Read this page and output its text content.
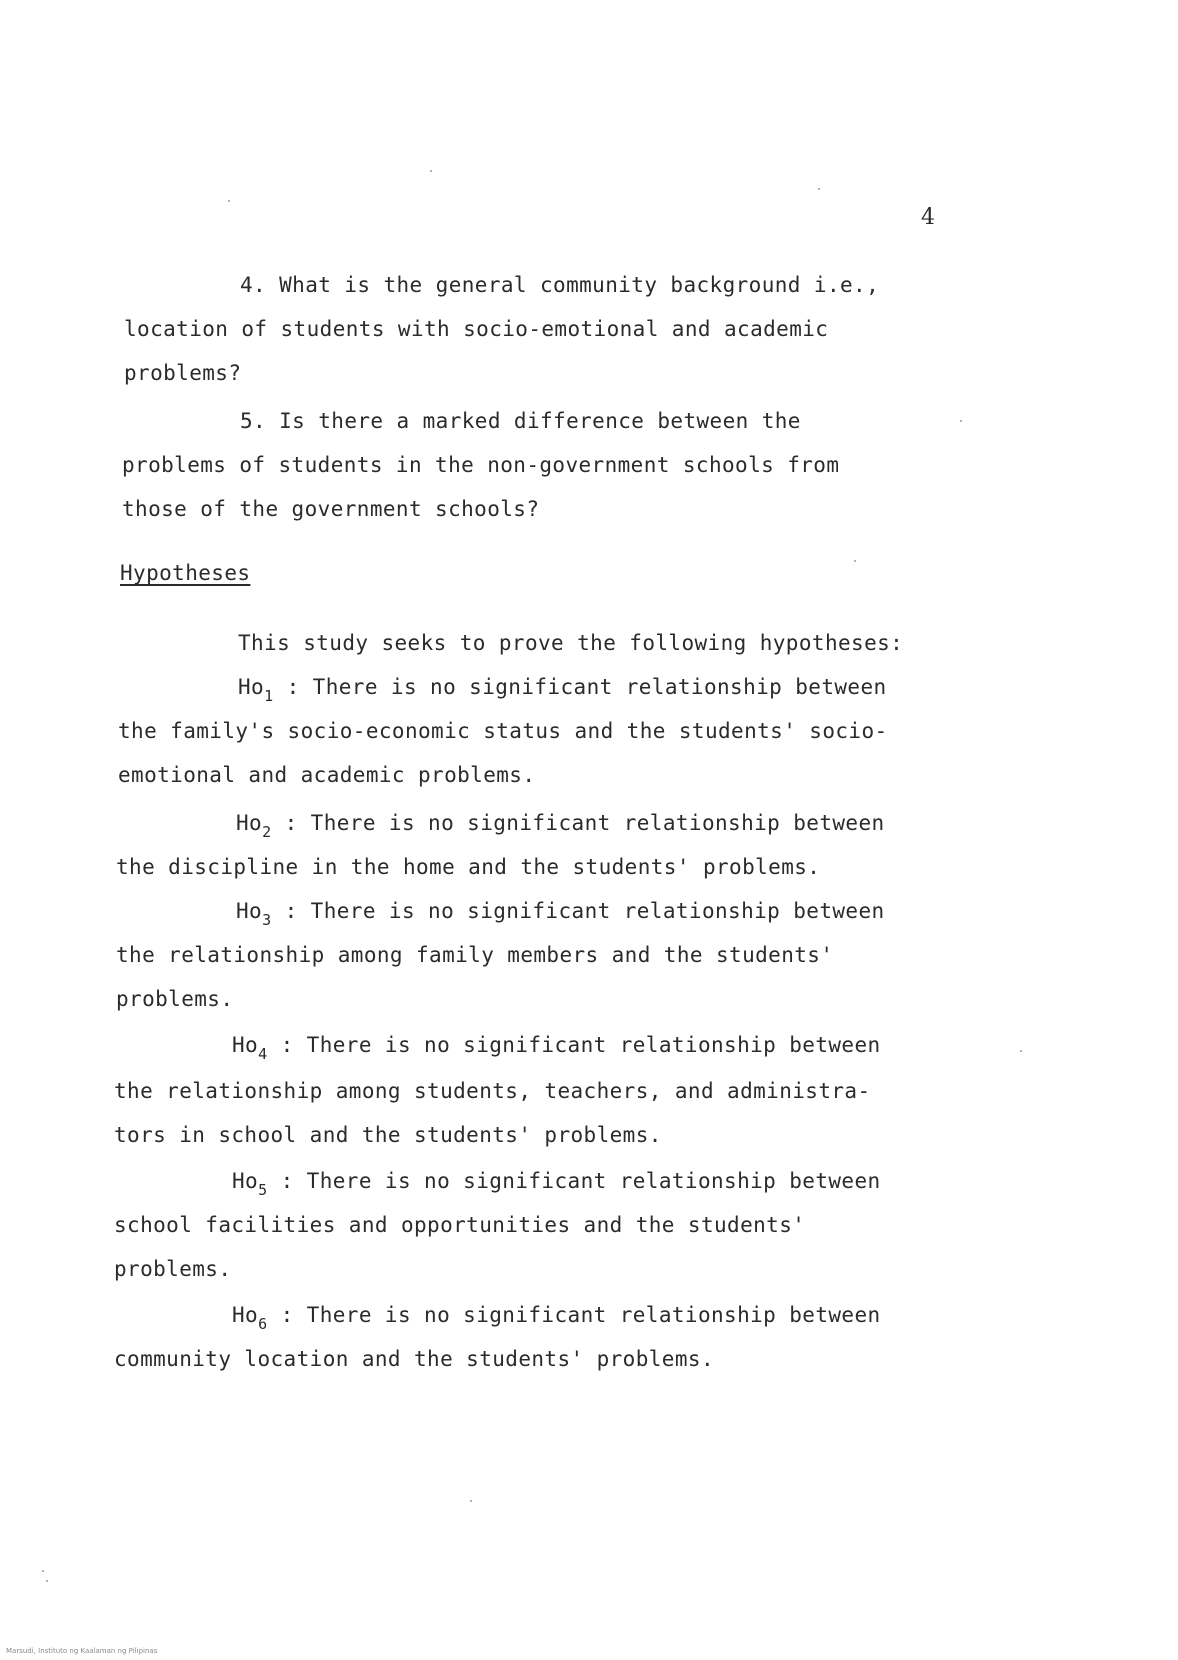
4
4. What is the general community background i.e.,
location of students with socio-emotional and academic
problems?
5. Is there a marked difference between the
problems of students in the non-government schools from
those of the government schools?
Hypotheses
This study seeks to prove the following hypotheses:
$Ho_1$ : There is no significant relationship between
the family's socio-economic status and the students' socio-
emotional and academic problems.
$Ho_2$ : There is no significant relationship between
the discipline in the home and the students' problems.
$Ho_3$ : There is no significant relationship between
the relationship among family members and the students'
problems.
$Ho_4$ : There is no significant relationship between
the relationship among students, teachers, and administra-
tors in school and the students' problems.
$Ho_5$ : There is no significant relationship between
school facilities and opportunities and the students'
problems.
$Ho_6$ : There is no significant relationship between
community location and the students' problems.
Marsudi, Instituto ng Kaalaman ng Pilipinas
